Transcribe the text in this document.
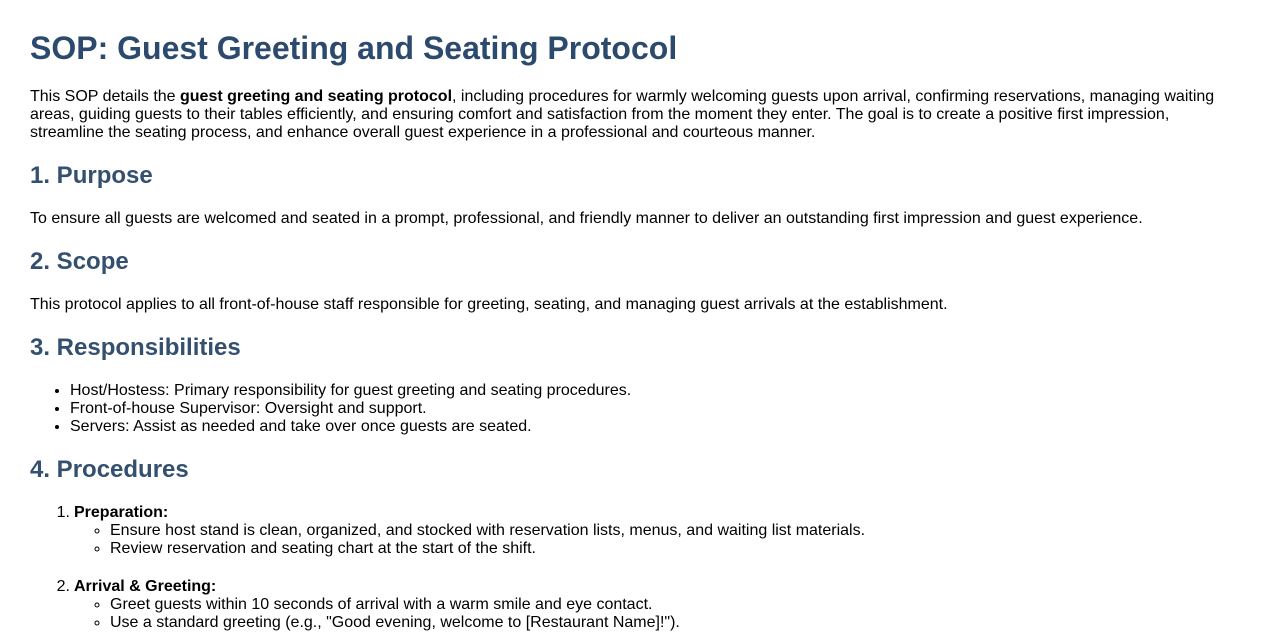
SOP: Guest Greeting and Seating Protocol

This SOP details the guest greeting and seating protocol, including procedures for warmly welcoming guests upon arrival, confirming reservations, managing waiting areas, guiding guests to their tables efficiently, and ensuring comfort and satisfaction from the moment they enter. The goal is to create a positive first impression, streamline the seating process, and enhance overall guest experience in a professional and courteous manner.

1. Purpose

To ensure all guests are welcomed and seated in a prompt, professional, and friendly manner to deliver an outstanding first impression and guest experience.

2. Scope

This protocol applies to all front-of-house staff responsible for greeting, seating, and managing guest arrivals at the establishment.

3. Responsibilities
• Host/Hostess: Primary responsibility for guest greeting and seating procedures.
• Front-of-house Supervisor: Oversight and support.
• Servers: Assist as needed and take over once guests are seated.
4. Procedures
1. Preparation:
◦ Ensure host stand is clean, organized, and stocked with reservation lists, menus, and waiting list materials.
◦ Review reservation and seating chart at the start of the shift.
2. Arrival & Greeting:
◦ Greet guests within 10 seconds of arrival with a warm smile and eye contact.
◦ Use a standard greeting (e.g., "Good evening, welcome to [Restaurant Name]!").
